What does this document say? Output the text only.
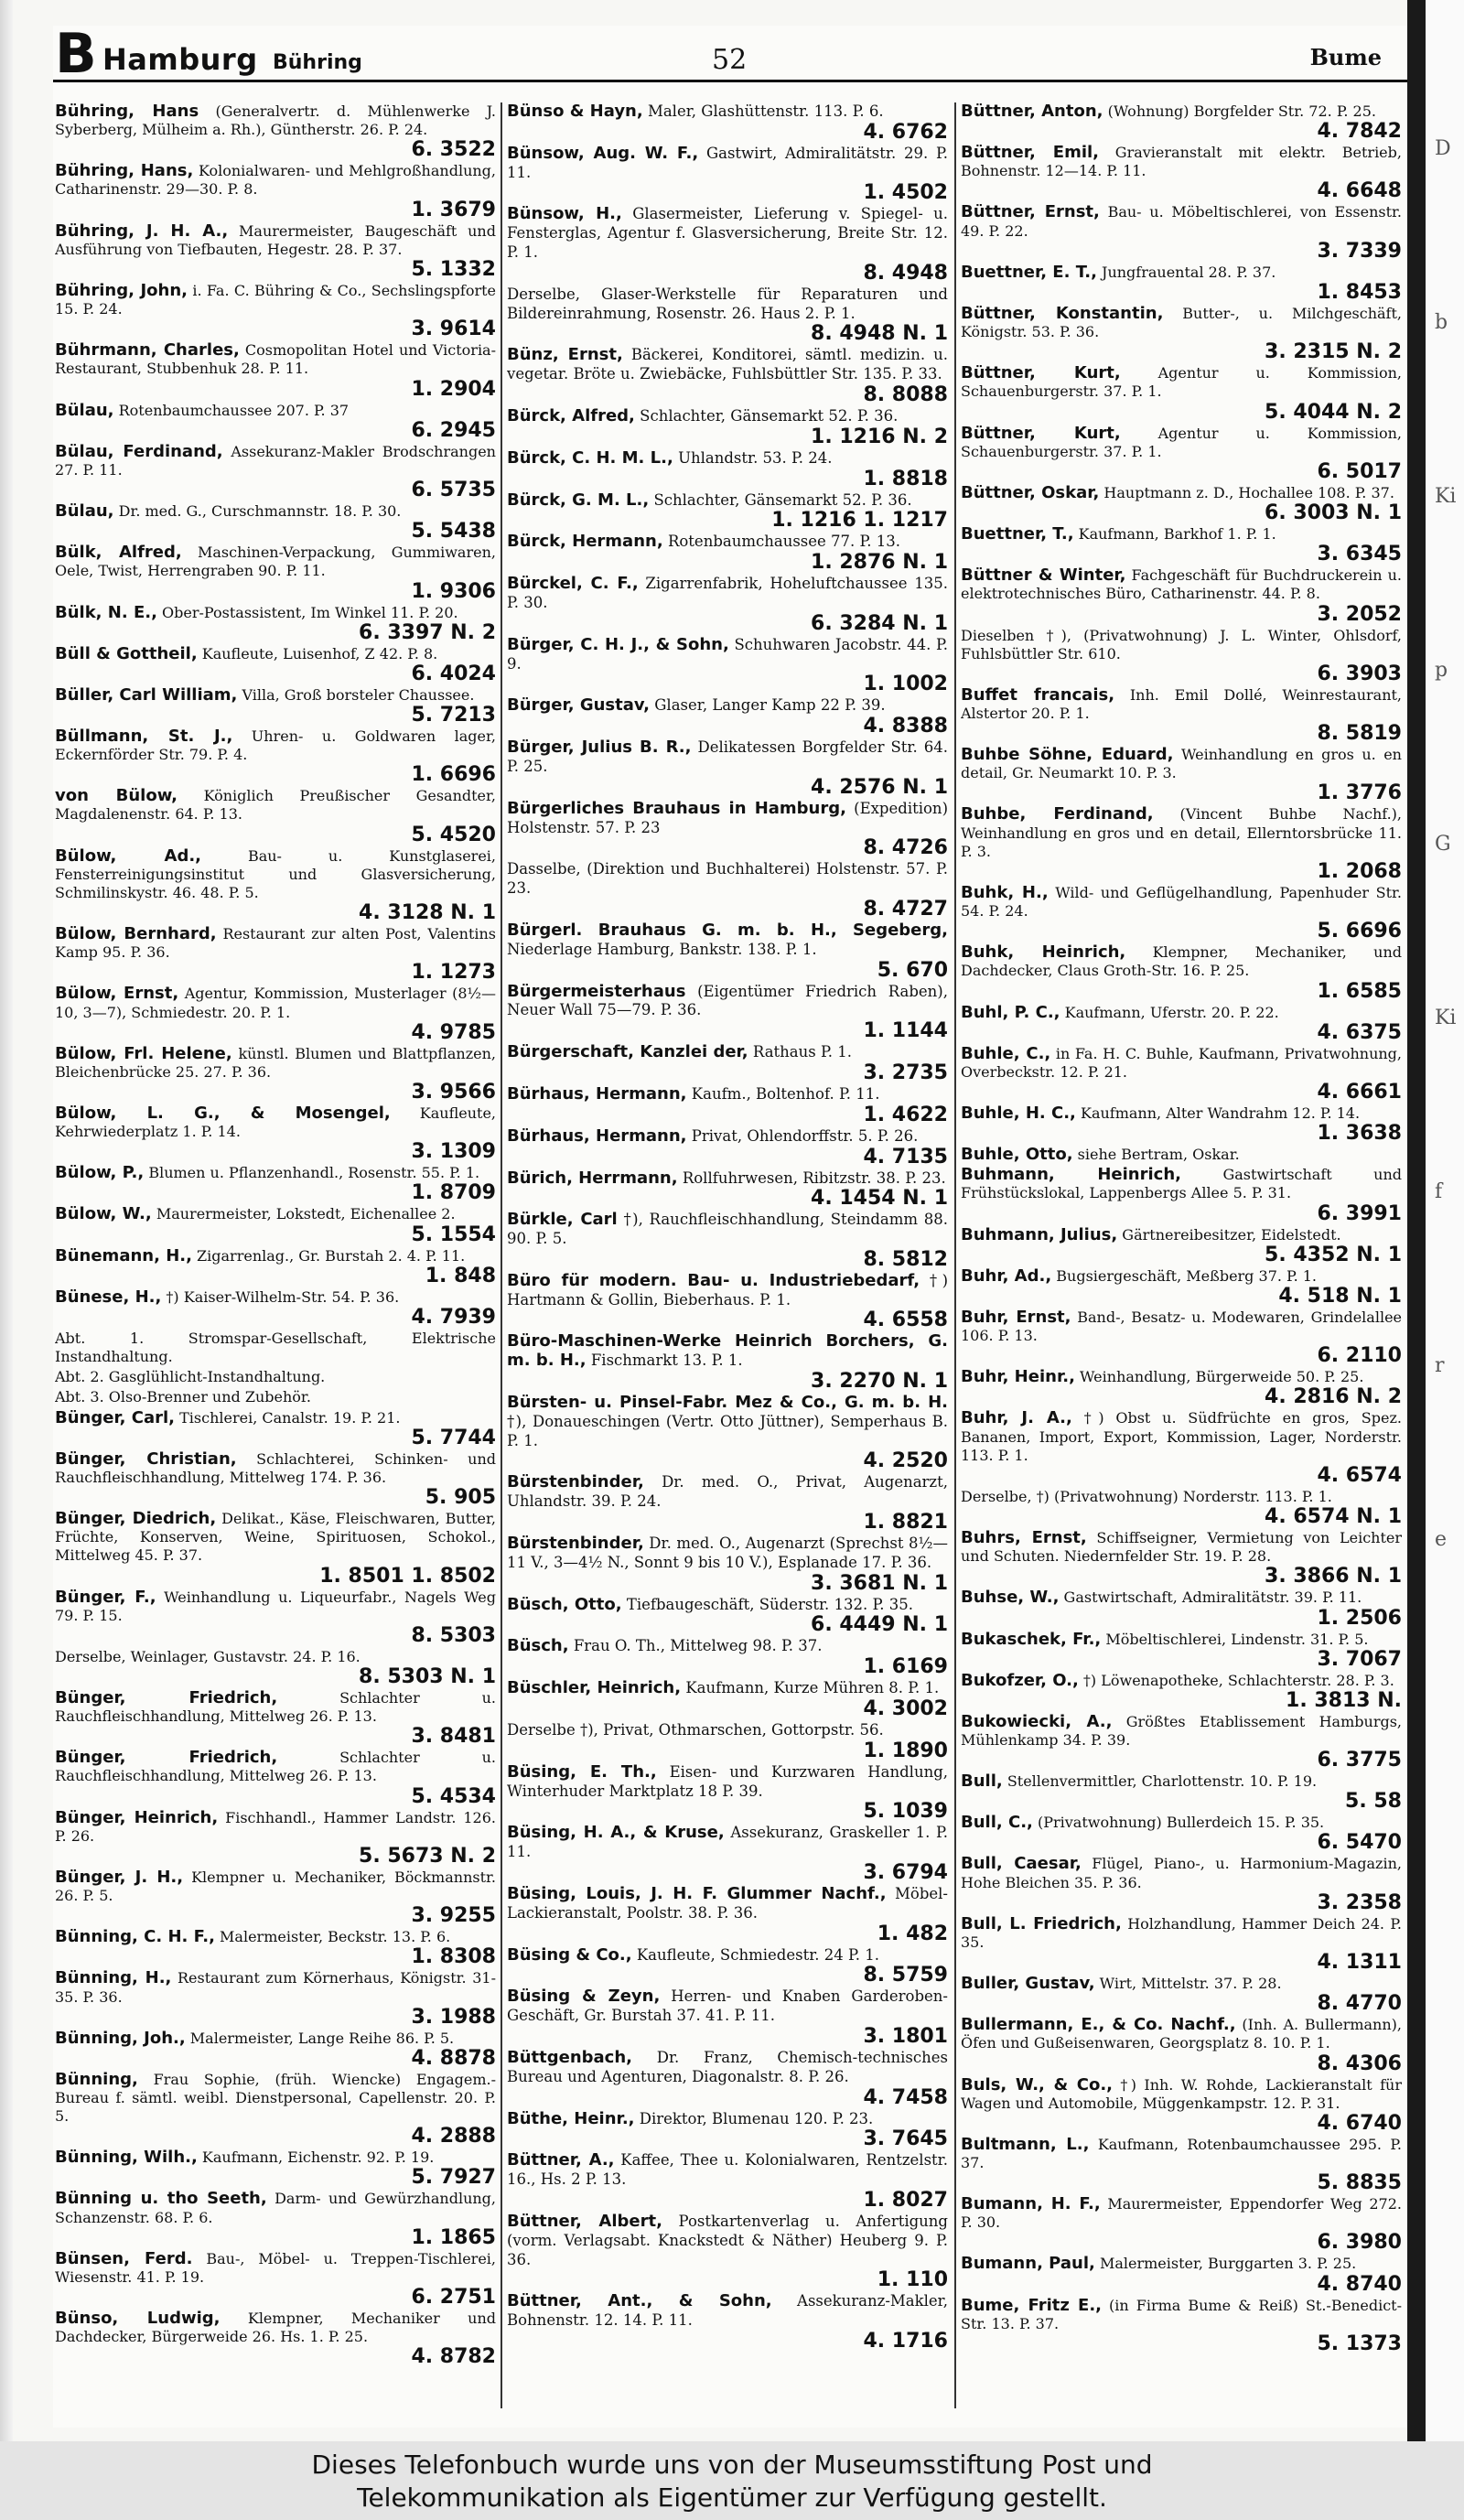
B Hamburg Bühring	52	Bume
Bühring, Hans (Generalvertr. d. Mühlenwerke J. Syberberg, Mülheim a. Rh.), Güntherstr. 26. P. 24.
6. 3522
Bühring, Hans, Kolonialwaren- und Mehlgroßhandlung, Catharinenstr. 29—30. P. 8.
1. 3679
Bühring, J. H. A., Maurermeister, Baugeschäft und Ausführung von Tiefbauten, Hegestr. 28. P. 37.
5. 1332
Bühring, John, i. Fa. C. Bühring & Co., Sechslingspforte 15. P. 24.
3. 9614
Bührmann, Charles, Cosmopolitan Hotel und Victoria-Restaurant, Stubbenhuk 28. P. 11.
1. 2904
Bülau, Rotenbaumchaussee 207. P. 37
6. 2945
Bülau, Ferdinand, Assekuranz-Makler Brodschrangen 27. P. 11.
6. 5735
Bülau, Dr. med. G., Curschmannstr. 18. P. 30.
5. 5438
Bülk, Alfred, Maschinen-Verpackung, Gummiwaren, Oele, Twist, Herrengraben 90. P. 11.
1. 9306
Bülk, N. E., Ober-Postassistent, Im Winkel 11. P. 20.
6. 3397 N. 2
Büll & Gottheil, Kaufleute, Luisenhof, Z 42. P. 8.
6. 4024
Büller, Carl William, Villa, Groß borsteler Chaussee.
5. 7213
Büllmann, St. J., Uhren- u. Goldwaren lager, Eckernförder Str. 79. P. 4.
1. 6696
von Bülow, Königlich Preußischer Gesandter, Magdalenenstr. 64. P. 13.
5. 4520
Bülow, Ad.,	Bau- u. Kunstglaserei, Fensterreinigungsinstitut und Glasversicherung, Schmilinskystr. 46. 48. P. 5.
4. 3128 N. 1
Bülow, Bernhard, Restaurant zur alten Post, Valentins Kamp 95. P. 36.
1. 1273
Bülow, Ernst, Agentur, Kommission, Musterlager (8½—10, 3—7), Schmiedestr. 20. P. 1.
4. 9785
Bülow, Frl. Helene, künstl. Blumen und Blattpflanzen, Bleichenbrücke 25. 27. P. 36.
3. 9566
Bülow, L. G., & Mosengel, Kaufleute, Kehrwiederplatz 1. P. 14.
3. 1309
Bülow, P., Blumen u. Pflanzenhandl., Rosenstr. 55. P. 1.
1. 8709
Bülow, W., Maurermeister, Lokstedt, Eichenallee 2.
5. 1554
Bünemann, H., Zigarrenlag., Gr. Burstah 2. 4. P. 11.
1. 848
Bünese, H., †) Kaiser-Wilhelm-Str. 54. P. 36.
4. 7939
Abt. 1. Stromspar-Gesellschaft, Elektrische Instandhaltung.
Abt. 2. Gasglühlicht-Instandhaltung.
Abt. 3. Olso-Brenner und Zubehör.
Bünger, Carl, Tischlerei, Canalstr. 19. P. 21.
5. 7744
Bünger, Christian, Schlachterei, Schinken- und Rauchfleischhandlung, Mittelweg 174. P. 36.
5. 905
Bünger, Diedrich, Delikat., Käse, Fleischwaren, Butter, Früchte, Konserven, Weine, Spirituosen, Schokol., Mittelweg 45. P. 37.
1. 8501 1. 8502
Bünger, F., Weinhandlung u. Liqueurfabr., Nagels Weg 79. P. 15.
8. 5303
Derselbe, Weinlager, Gustavstr. 24. P. 16.
8. 5303 N. 1
Bünger, Friedrich,	Schlachter u. Rauchfleischhandlung, Mittelweg 26. P. 13.
3. 8481
Bünger, Friedrich,	Schlachter u. Rauchfleischhandlung, Mittelweg 26. P. 13.
5. 4534
Bünger, Heinrich, Fischhandl., Hammer Landstr. 126. P. 26.
5. 5673 N. 2
Bünger, J. H., Klempner u. Mechaniker, Böckmannstr. 26. P. 5.
3. 9255
Bünning, C. H. F., Malermeister, Beckstr. 13. P. 6.
1. 8308
Bünning, H., Restaurant zum Körnerhaus, Königstr. 31-35. P. 36.
3. 1988
Bünning, Joh., Malermeister, Lange Reihe 86. P. 5.
4. 8878
Bünning, Frau Sophie, (früh. Wiencke) Engagem.-Bureau f. sämtl. weibl. Dienstpersonal, Capellenstr. 20. P. 5.
4. 2888
Bünning, Wilh., Kaufmann, Eichenstr. 92. P. 19.
5. 7927
Bünning u. tho Seeth, Darm- und Gewürzhandlung, Schanzenstr. 68. P. 6.
1. 1865
Bünsen, Ferd. Bau-, Möbel- u. Treppen-Tischlerei, Wiesenstr. 41. P. 19.
6. 2751
Bünso, Ludwig, Klempner, Mechaniker und Dachdecker, Bürgerweide 26. Hs. 1. P. 25.
4. 8782
Bünso & Hayn, Maler, Glashüttenstr. 113. P. 6.
4. 6762
Bünsow, Aug. W. F., Gastwirt, Admiralitätstr. 29. P. 11.
1. 4502
Bünsow, H., Glasermeister, Lieferung v. Spiegel- u. Fensterglas, Agentur f. Glasversicherung, Breite Str. 12. P. 1.
8. 4948
Derselbe, Glaser-Werkstelle für Reparaturen und Bildereinrahmung, Rosenstr. 26. Haus 2. P. 1.
8. 4948 N. 1
Bünz, Ernst, Bäckerei, Konditorei, sämtl. medizin. u. vegetar. Bröte u. Zwiebäcke, Fuhlsbüttler Str. 135. P. 33.
8. 8088
Bürck, Alfred, Schlachter, Gänsemarkt 52. P. 36.
1. 1216 N. 2
Bürck, C. H. M. L., Uhlandstr. 53. P. 24.
1. 8818
Bürck, G. M. L., Schlachter, Gänsemarkt 52. P. 36.
1. 1216 1. 1217
Bürck, Hermann, Rotenbaumchaussee 77. P. 13.
1. 2876 N. 1
Bürckel, C. F., Zigarrenfabrik, Hoheluftchaussee 135. P. 30.
6. 3284 N. 1
Bürger, C. H. J., & Sohn, Schuhwaren Jacobstr. 44. P. 9.
1. 1002
Bürger, Gustav, Glaser, Langer Kamp 22 P. 39.
4. 8388
Bürger, Julius B. R., Delikatessen Borgfelder Str. 64. P. 25.
4. 2576 N. 1
Bürgerliches Brauhaus in Hamburg, (Expedition) Holstenstr. 57. P. 23
8. 4726
Dasselbe, (Direktion und Buchhalterei) Holstenstr. 57. P. 23.
8. 4727
Bürgerl. Brauhaus G. m. b. H., Segeberg, Niederlage Hamburg, Bankstr. 138. P. 1.
5. 670
Bürgermeisterhaus (Eigentümer Friedrich Raben), Neuer Wall 75—79. P. 36.
1. 1144
Bürgerschaft, Kanzlei der, Rathaus P. 1.
3. 2735
Bürhaus, Hermann, Kaufm., Boltenhof. P. 11.
1. 4622
Bürhaus, Hermann, Privat, Ohlendorffstr. 5. P. 26.
4. 7135
Bürich, Herrmann, Rollfuhrwesen, Ribitzstr. 38. P. 23.
4. 1454 N. 1
Bürkle, Carl †), Rauchfleischhandlung, Steindamm 88. 90. P. 5.
8. 5812
Büro für modern. Bau- u. Industriebedarf, †) Hartmann & Gollin, Bieberhaus. P. 1.
4. 6558
Büro-Maschinen-Werke Heinrich Borchers, G. m. b. H., Fischmarkt 13. P. 1.
3. 2270 N. 1
Bürsten- u. Pinsel-Fabr. Mez & Co., G. m. b. H. †), Donaueschingen (Vertr. Otto Jüttner), Semperhaus B. P. 1.
4. 2520
Bürstenbinder, Dr. med. O., Privat, Augenarzt, Uhlandstr. 39. P. 24.
1. 8821
Bürstenbinder, Dr. med. O., Augenarzt (Sprechst 8½—11 V., 3—4½ N., Sonnt 9 bis 10 V.), Esplanade 17. P. 36.
3. 3681 N. 1
Büsch, Otto, Tiefbaugeschäft, Süderstr. 132. P. 35.
6. 4449 N. 1
Büsch, Frau O. Th., Mittelweg 98. P. 37.
1. 6169
Büschler, Heinrich, Kaufmann, Kurze Mühren 8. P. 1.
4. 3002
Derselbe †), Privat, Othmarschen, Gottorpstr. 56.
1. 1890
Büsing, E. Th., Eisen- und Kurzwaren Handlung, Winterhuder Marktplatz 18 P. 39.
5. 1039
Büsing, H. A., & Kruse, Assekuranz, Graskeller 1. P. 11.
3. 6794
Büsing, Louis, J. H. F. Glummer Nachf., Möbel-Lackieranstalt, Poolstr. 38. P. 36.
1. 482
Büsing & Co., Kaufleute, Schmiedestr. 24 P. 1.
8. 5759
Büsing & Zeyn, Herren- und Knaben Garderoben-Geschäft, Gr. Burstah 37. 41. P. 11.
3. 1801
Büttgenbach, Dr. Franz, Chemisch-technisches Bureau und Agenturen, Diagonalstr. 8. P. 26.
4. 7458
Büthe, Heinr., Direktor, Blumenau 120. P. 23.
3. 7645
Büttner, A., Kaffee, Thee u. Kolonialwaren, Rentzelstr. 16., Hs. 2 P. 13.
1. 8027
Büttner, Albert, Postkartenverlag u. Anfertigung (vorm. Verlagsabt. Knackstedt & Näther) Heuberg 9. P. 36.
1. 110
Büttner, Ant., & Sohn, Assekuranz-Makler, Bohnenstr. 12. 14. P. 11.
4. 1716
Büttner, Anton, (Wohnung) Borgfelder Str. 72. P. 25.
4. 7842
Büttner, Emil, Gravieranstalt mit elektr. Betrieb, Bohnenstr. 12—14. P. 11.
4. 6648
Büttner, Ernst, Bau- u. Möbeltischlerei, von Essenstr. 49. P. 22.
3. 7339
Buettner, E. T., Jungfrauental 28. P. 37.
1. 8453
Büttner, Konstantin, Butter-, u. Milchgeschäft, Königstr. 53. P. 36.
3. 2315 N. 2
Büttner, Kurt,	Agentur u. Kommission, Schauenburgerstr. 37. P. 1.
5. 4044 N. 2
Büttner, Kurt,	Agentur u. Kommission, Schauenburgerstr. 37. P. 1.
6. 5017
Büttner, Oskar, Hauptmann z. D., Hochallee 108. P. 37.
6. 3003 N. 1
Buettner, T., Kaufmann, Barkhof 1. P. 1.
3. 6345
Büttner & Winter, Fachgeschäft für Buchdruckerein u. elektrotechnisches Büro, Catharinenstr. 44. P. 8.
3. 2052
Dieselben †), (Privatwohnung) J. L. Winter, Ohlsdorf, Fuhlsbüttler Str. 610.
6. 3903
Buffet francais, Inh. Emil Dollé, Weinrestaurant, Alstertor 20. P. 1.
8. 5819
Buhbe Söhne, Eduard, Weinhandlung en gros u. en detail, Gr. Neumarkt 10. P. 3.
1. 3776
Buhbe, Ferdinand, (Vincent Buhbe Nachf.), Weinhandlung en gros und en detail, Ellerntorsbrücke 11. P. 3.
1. 2068
Buhk, H., Wild- und Geflügelhandlung, Papenhuder Str. 54. P. 24.
5. 6696
Buhk, Heinrich, Klempner, Mechaniker, und Dachdecker, Claus Groth-Str. 16. P. 25.
1. 6585
Buhl, P. C., Kaufmann, Uferstr. 20. P. 22.
4. 6375
Buhle, C., in Fa. H. C. Buhle, Kaufmann, Privatwohnung, Overbeckstr. 12. P. 21.
4. 6661
Buhle, H. C., Kaufmann, Alter Wandrahm 12. P. 14.
1. 3638
Buhle, Otto, siehe Bertram, Oskar.
Buhmann, Heinrich,	Gastwirtschaft und Frühstückslokal, Lappenbergs Allee 5. P. 31.
6. 3991
Buhmann, Julius, Gärtnereibesitzer, Eidelstedt.
5. 4352 N. 1
Buhr, Ad., Bugsiergeschäft, Meßberg 37. P. 1.
4. 518 N. 1
Buhr, Ernst, Band-, Besatz- u. Modewaren, Grindelallee 106. P. 13.
6. 2110
Buhr, Heinr., Weinhandlung, Bürgerweide 50. P. 25.
4. 2816 N. 2
Buhr, J. A., †) Obst u. Südfrüchte en gros, Spez. Bananen, Import, Export, Kommission, Lager, Norderstr. 113. P. 1.
4. 6574
Derselbe, †) (Privatwohnung) Norderstr. 113. P. 1.
4. 6574 N. 1
Buhrs, Ernst, Schiffseigner, Vermietung von Leichter und Schuten. Niedernfelder Str. 19. P. 28.
3. 3866 N. 1
Buhse, W., Gastwirtschaft, Admiralitätstr. 39. P. 11.
1. 2506
Bukaschek, Fr., Möbeltischlerei, Lindenstr. 31. P. 5.
3. 7067
Bukofzer, O., †) Löwenapotheke, Schlachterstr. 28. P. 3.
1. 3813 N.
Bukowiecki, A., Größtes Etablissement Hamburgs, Mühlenkamp 34. P. 39.
6. 3775
Bull, Stellenvermittler, Charlottenstr. 10. P. 19.
5. 58
Bull, C., (Privatwohnung) Bullerdeich 15. P. 35.
6. 5470
Bull, Caesar, Flügel, Piano-, u. Harmonium-Magazin, Hohe Bleichen 35. P. 36.
3. 2358
Bull, L. Friedrich, Holzhandlung, Hammer Deich 24. P. 35.
4. 1311
Buller, Gustav, Wirt, Mittelstr. 37. P. 28.
8. 4770
Bullermann, E., & Co. Nachf., (Inh. A. Bullermann), Öfen und Gußeisenwaren, Georgsplatz 8. 10. P. 1.
8. 4306
Buls, W., & Co., †) Inh. W. Rohde, Lackieranstalt für Wagen und Automobile, Müggenkampstr. 12. P. 31.
4. 6740
Bultmann, L., Kaufmann, Rotenbaumchaussee 295. P. 37.
5. 8835
Bumann, H. F., Maurermeister, Eppendorfer Weg 272. P. 30.
6. 3980
Bumann, Paul, Malermeister, Burggarten 3. P. 25.
4. 8740
Bume, Fritz E., (in Firma Bume & Reiß) St.-Benedict-Str. 13. P. 37.
5. 1373
D
b
Ki
p
G
Ki
f
r
e
Dieses Telefonbuch wurde uns von der Museumsstiftung Post und
Telekommunikation als Eigentümer zur Verfügung gestellt.
